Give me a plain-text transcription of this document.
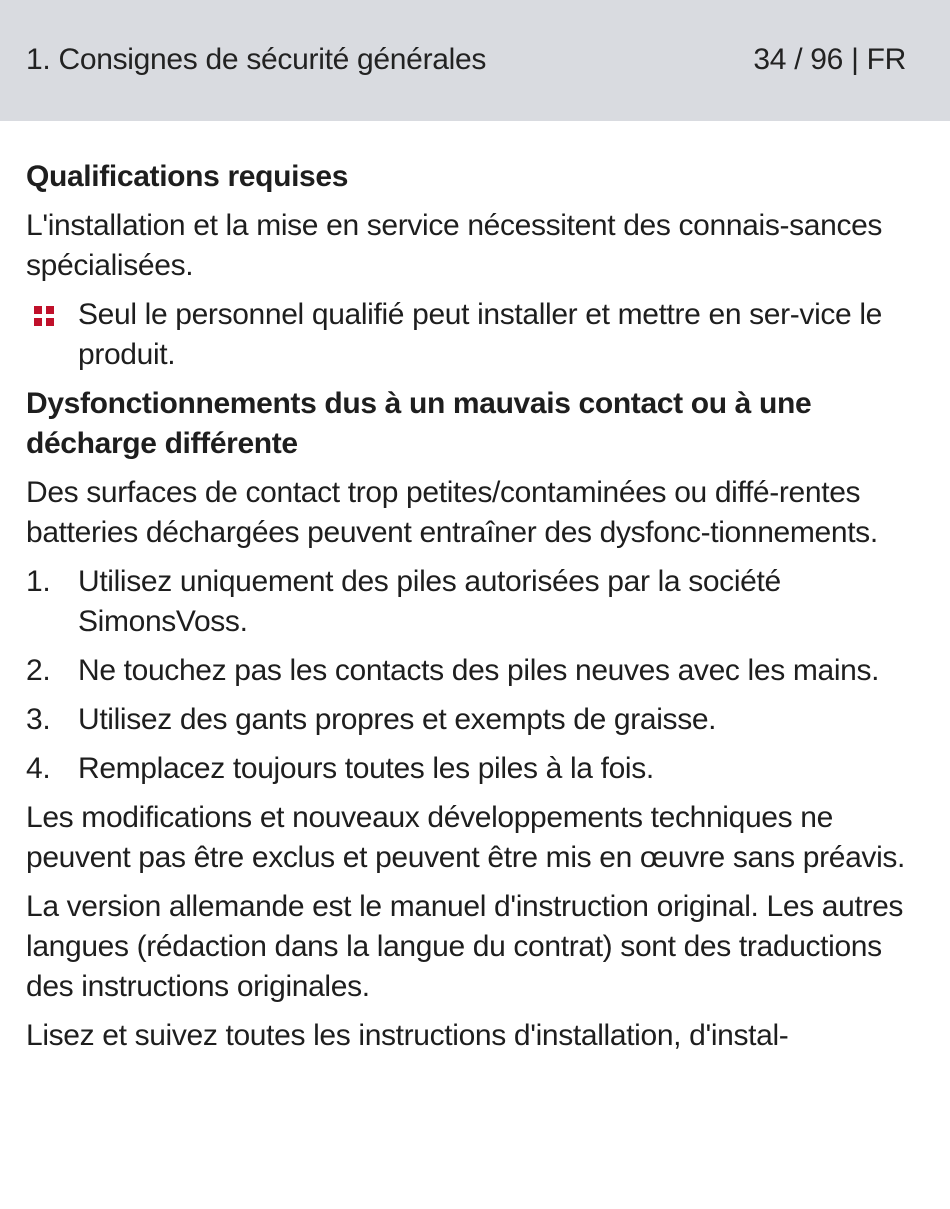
1. Consignes de sécurité générales	34 / 96 | FR
Qualifications requises

L'installation et la mise en service nécessitent des connais-sances spécialisées.

Seul le personnel qualifié peut installer et mettre en ser-vice le produit.
Dysfonctionnements dus à un mauvais contact ou à une décharge différente

Des surfaces de contact trop petites/contaminées ou diffé-rentes batteries déchargées peuvent entraîner des dysfonc-tionnements.

1. Utilisez uniquement des piles autorisées par la société SimonsVoss.
2. Ne touchez pas les contacts des piles neuves avec les mains.
3. Utilisez des gants propres et exempts de graisse.
4. Remplacez toujours toutes les piles à la fois.

Les modifications et nouveaux développements techniques ne peuvent pas être exclus et peuvent être mis en œuvre sans préavis.

La version allemande est le manuel d'instruction original. Les autres langues (rédaction dans la langue du contrat) sont des traductions des instructions originales.

Lisez et suivez toutes les instructions d'installation, d'instal-
